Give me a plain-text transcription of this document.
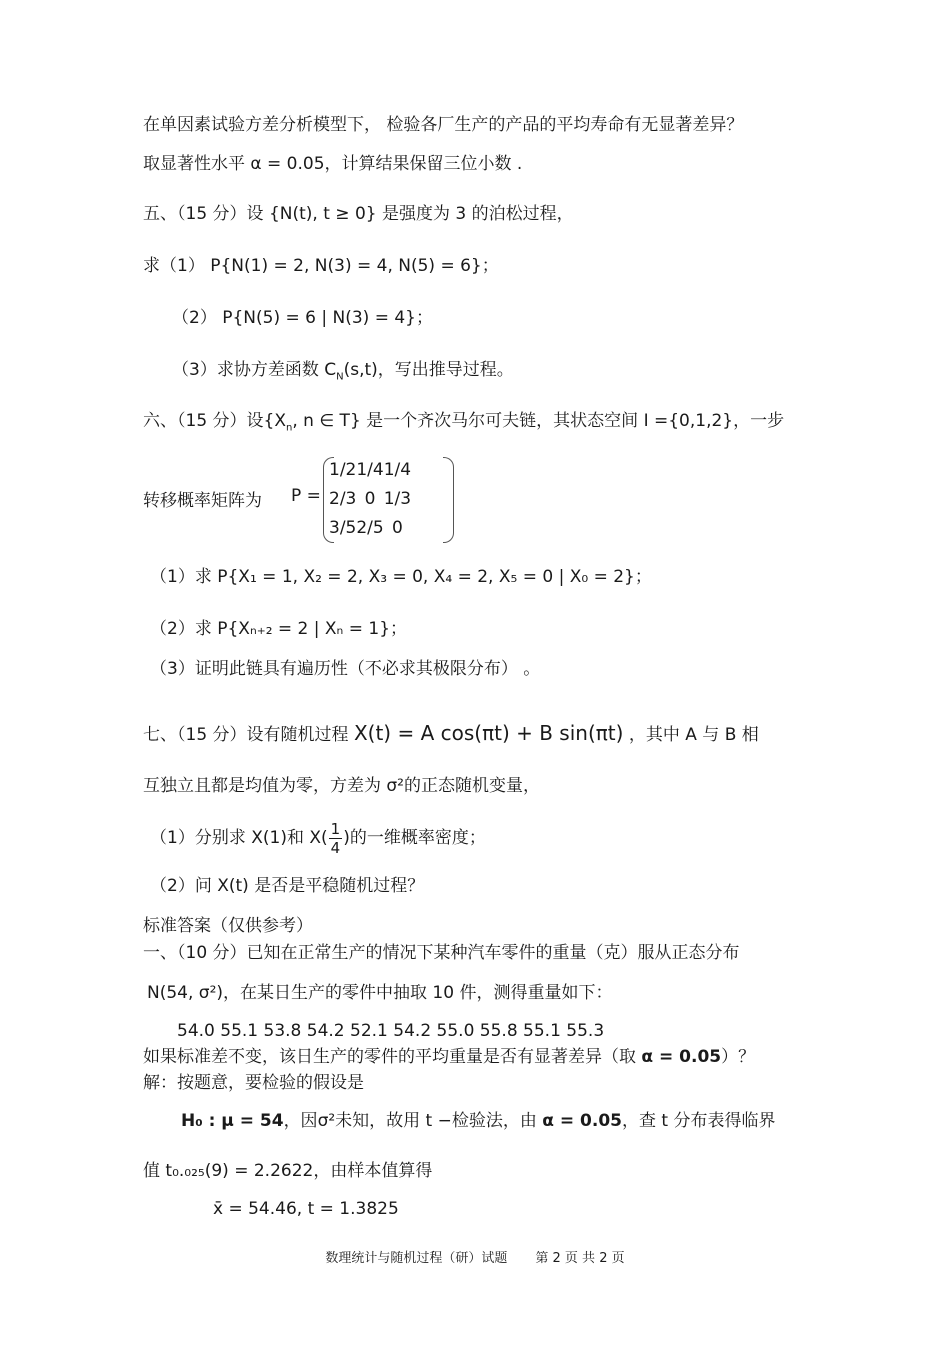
在单因素试验方差分析模型下， 检验各厂生产的产品的平均寿命有无显著差异？
取显著性水平 α = 0.05，计算结果保留三位小数 .
五、（15 分）设 {N(t), t ≥ 0} 是强度为 3 的泊松过程，
求（1） P{N(1) = 2, N(3) = 4, N(5) = 6}；
（2） P{N(5) = 6 | N(3) = 4}；
（3）求协方差函数 $C_N(s,t)$，写出推导过程。
六、（15 分）设{$X_n$, n ∈ T} 是一个齐次马尔可夫链，其状态空间 I ={0,1,2}，一步
转移概率矩阵为 P =
1/2	1/4	1/4
2/3	0	1/3
3/5	2/5	0
（1）求 P{X₁ = 1, X₂ = 2, X₃ = 0, X₄ = 2, X₅ = 0 | X₀ = 2}；
（2）求 P{Xₙ₊₂ = 2 | Xₙ = 1}；
（3）证明此链具有遍历性（不必求其极限分布） 。
七、（15 分）设有随机过程 X(t) = A cos(πt) + B sin(πt) ，其中 A 与 B 相
互独立且都是均值为零，方差为 σ²的正态随机变量，
（1）分别求 X(1)和 $X( \frac{1}{4}$ )的一维概率密度；
（2）问 X(t) 是否是平稳随机过程？
标准答案（仅供参考）
一、（10 分）已知在正常生产的情况下某种汽车零件的重量（克）服从正态分布
N(54, σ²)，在某日生产的零件中抽取 10 件，测得重量如下：
54.0 55.1 53.8 54.2 52.1 54.2 55.0 55.8 55.1 55.3
如果标准差不变，该日生产的零件的平均重量是否有显著差异（取 α = 0.05）？
解：按题意，要检验的假设是
H₀ : μ = 54，因σ²未知，故用 t −检验法，由 α = 0.05，查 t 分布表得临界
值 t₀.₀₂₅(9) = 2.2622，由样本值算得
x̄ = 54.46, t = 1.3825
数理统计与随机过程（研）试题 第 2 页 共 2 页
